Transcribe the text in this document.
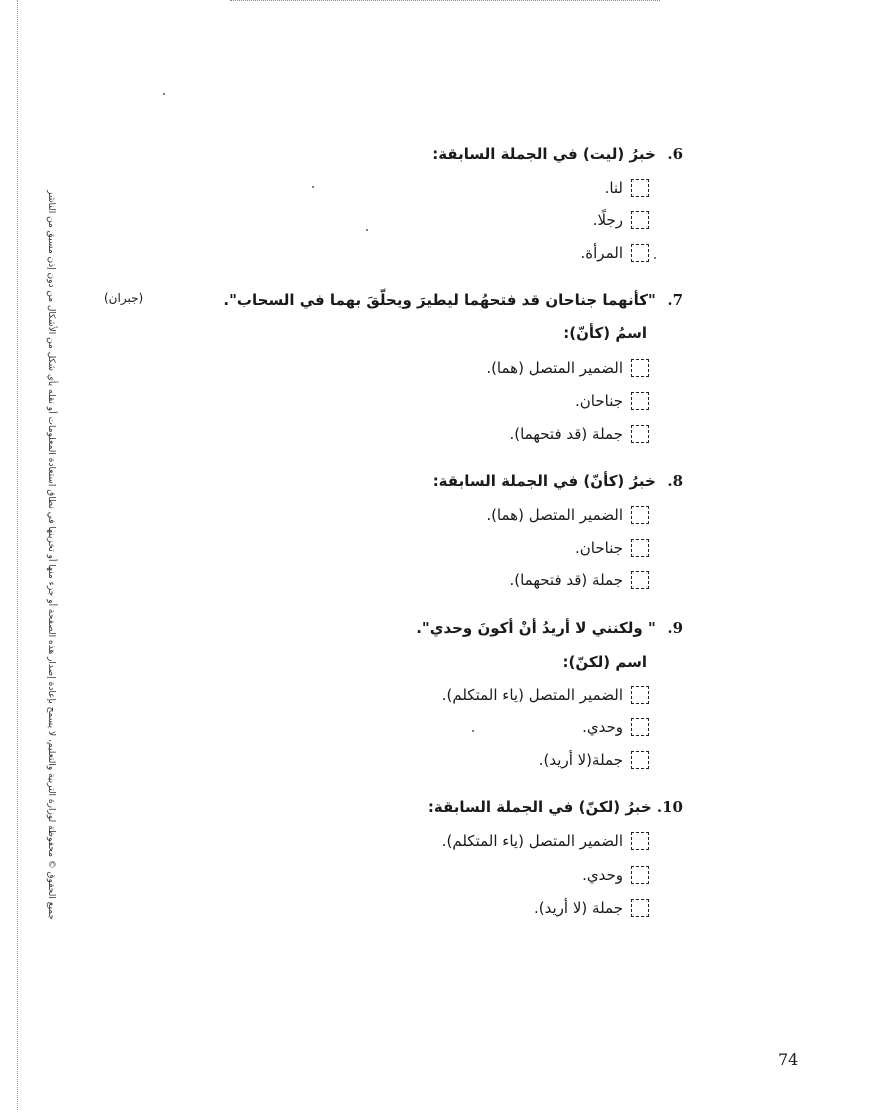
جميع الحقوق © محفوظة لوزارة التربية والتعليم، لا يسمح بإعادة إصدار هذه الصفحة أو جزء منها أو تخزينها في نطاق استعادة المعلومات أو نقله بأي شكل من الأشكال من دون إذن مسبق من الناشر
6. خبرُ (ليت) في الجملة السابقة:
لنا.
رجلًا.
المرأة.
7. "كأنهما جناحان قد فتحهُما ليطيرَ ويحلّقَ بهما في السحاب".
(جبران)
اسمُ (كأنّ):
الضمير المتصل (هما).
جناحان.
جملة (قد فتحهما).
8. خبرُ (كأنّ) في الجملة السابقة:
الضمير المتصل (هما).
جناحان.
جملة (قد فتحهما).
9. " ولكنني لا أريدُ أنْ أكونَ وحدي".
اسم (لكنّ):
الضمير المتصل (ياء المتكلم).
وحدي.
جملة(لا أريد).
10. خبرُ (لكنّ) في الجملة السابقة:
الضمير المتصل (ياء المتكلم).
وحدي.
جملة (لا أريد).
74
